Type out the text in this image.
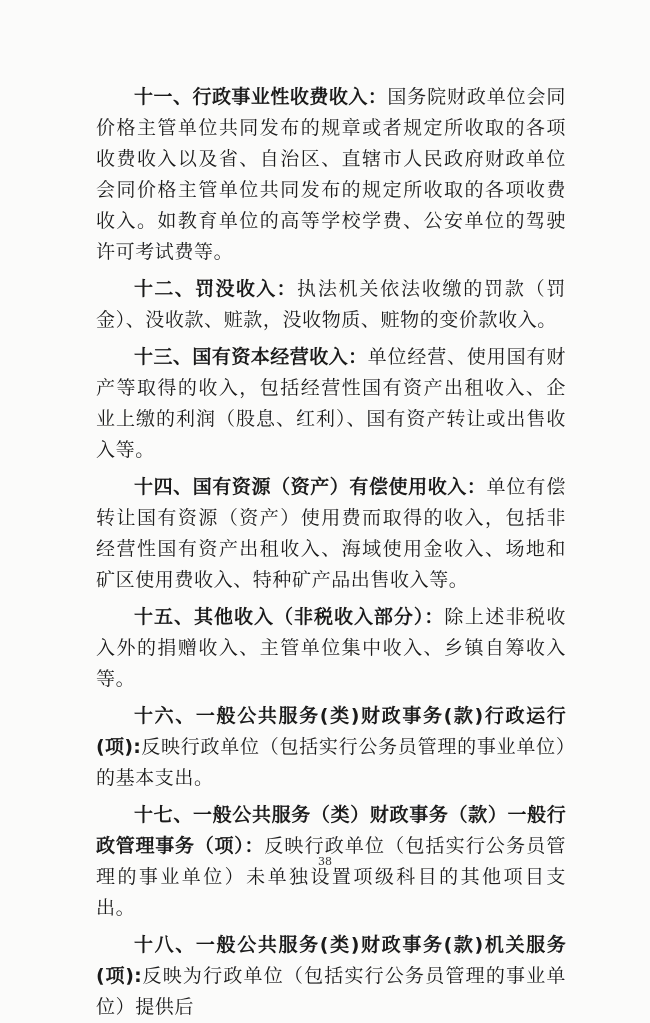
十一、行政事业性收费收入：国务院财政单位会同价格主管单位共同发布的规章或者规定所收取的各项收费收入以及省、自治区、直辖市人民政府财政单位会同价格主管单位共同发布的规定所收取的各项收费收入。如教育单位的高等学校学费、公安单位的驾驶许可考试费等。

十二、罚没收入：执法机关依法收缴的罚款（罚金）、没收款、赃款，没收物质、赃物的变价款收入。

十三、国有资本经营收入：单位经营、使用国有财产等取得的收入，包括经营性国有资产出租收入、企业上缴的利润（股息、红利）、国有资产转让或出售收入等。

十四、国有资源（资产）有偿使用收入：单位有偿转让国有资源（资产）使用费而取得的收入，包括非经营性国有资产出租收入、海域使用金收入、场地和矿区使用费收入、特种矿产品出售收入等。

十五、其他收入（非税收入部分）：除上述非税收入外的捐赠收入、主管单位集中收入、乡镇自筹收入等。

十六、一般公共服务(类)财政事务(款)行政运行(项):反映行政单位（包括实行公务员管理的事业单位）的基本支出。

十七、一般公共服务（类）财政事务（款）一般行政管理事务（项）：反映行政单位（包括实行公务员管理的事业单位）未单独设置项级科目的其他项目支出。

十八、一般公共服务(类)财政事务(款)机关服务(项):反映为行政单位（包括实行公务员管理的事业单位）提供后

38
